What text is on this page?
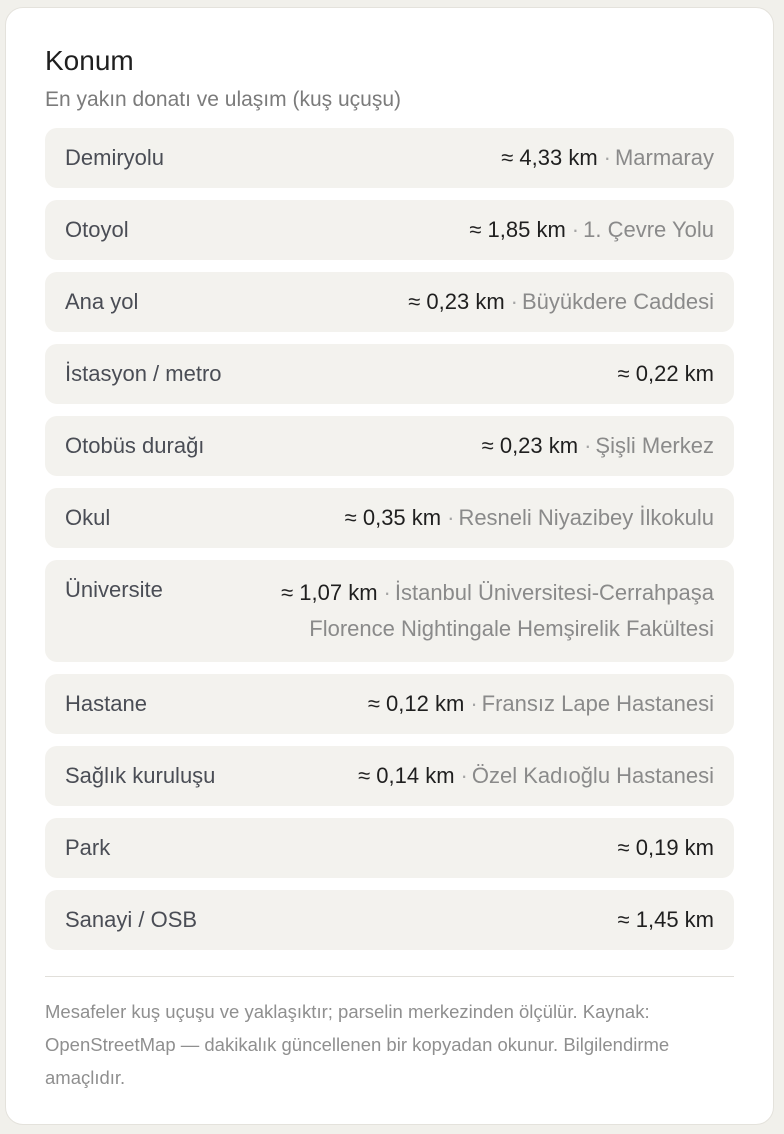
Konum
En yakın donatı ve ulaşım (kuş uçuşu)
Demiryolu	≈ 4,33 km · Marmaray
Otoyol	≈ 1,85 km · 1. Çevre Yolu
Ana yol	≈ 0,23 km · Büyükdere Caddesi
İstasyon / metro	≈ 0,22 km
Otobüs durağı	≈ 0,23 km · Şişli Merkez
Okul	≈ 0,35 km · Resneli Niyazibey İlkokulu
Üniversite	≈ 1,07 km · İstanbul Üniversitesi-Cerrahpaşa Florence Nightingale Hemşirelik Fakültesi
Hastane	≈ 0,12 km · Fransız Lape Hastanesi
Sağlık kuruluşu	≈ 0,14 km · Özel Kadıoğlu Hastanesi
Park	≈ 0,19 km
Sanayi / OSB	≈ 1,45 km
Mesafeler kuş uçuşu ve yaklaşıktır; parselin merkezinden ölçülür. Kaynak: OpenStreetMap — dakikalık güncellenen bir kopyadan okunur. Bilgilendirme amaçlıdır.
